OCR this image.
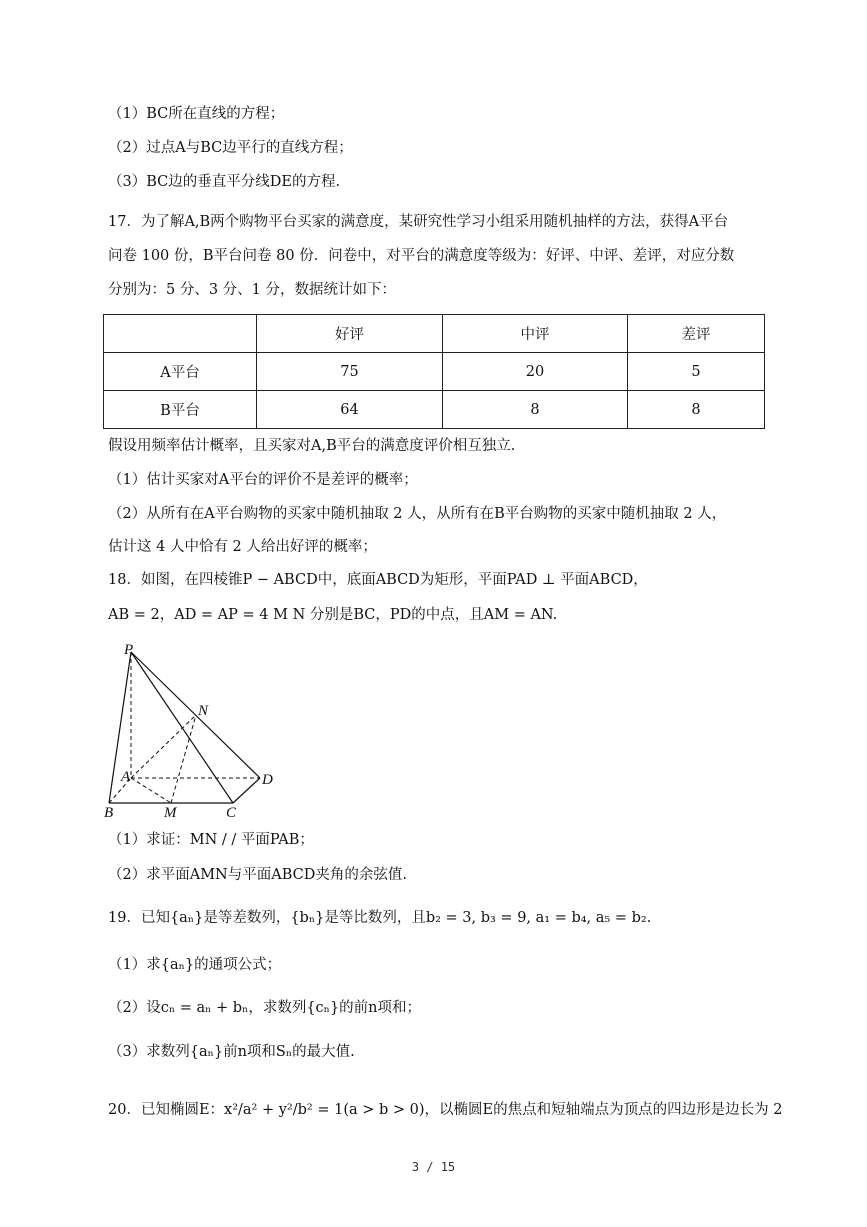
（1）BC所在直线的方程；
（2）过点A与BC边平行的直线方程；
（3）BC边的垂直平分线DE的方程.
17．为了解A,B两个购物平台买家的满意度，某研究性学习小组采用随机抽样的方法，获得A平台
问卷 100 份，B平台问卷 80 份．问卷中，对平台的满意度等级为：好评、中评、差评，对应分数
分别为：5 分、3 分、1 分，数据统计如下：
	好评	中评	差评
A平台	75	20	5
B平台	64	8	8
假设用频率估计概率，且买家对A,B平台的满意度评价相互独立.
（1）估计买家对A平台的评价不是差评的概率；
（2）从所有在A平台购物的买家中随机抽取 2 人，从所有在B平台购物的买家中随机抽取 2 人，
估计这 4 人中恰有 2 人给出好评的概率；
18．如图，在四棱锥P − ABCD中，底面ABCD为矩形，平面PAD ⊥ 平面ABCD，
AB = 2，AD = AP = 4 M N 分别是BC，PD的中点，且AM = AN.
P
N
A	D
B	M	C
（1）求证：MN / / 平面PAB；
（2）求平面AMN与平面ABCD夹角的余弦值.
19．已知{aₙ}是等差数列，{bₙ}是等比数列，且b₂ = 3, b₃ = 9, a₁ = b₄, a₅ = b₂.
（1）求{aₙ}的通项公式；
（2）设cₙ = aₙ + bₙ，求数列{cₙ}的前n项和；
（3）求数列{aₙ}前n项和Sₙ的最大值.
20．已知椭圆E：x²/a² + y²/b² = 1(a > b > 0)，以椭圆E的焦点和短轴端点为顶点的四边形是边长为 2
3 / 15
